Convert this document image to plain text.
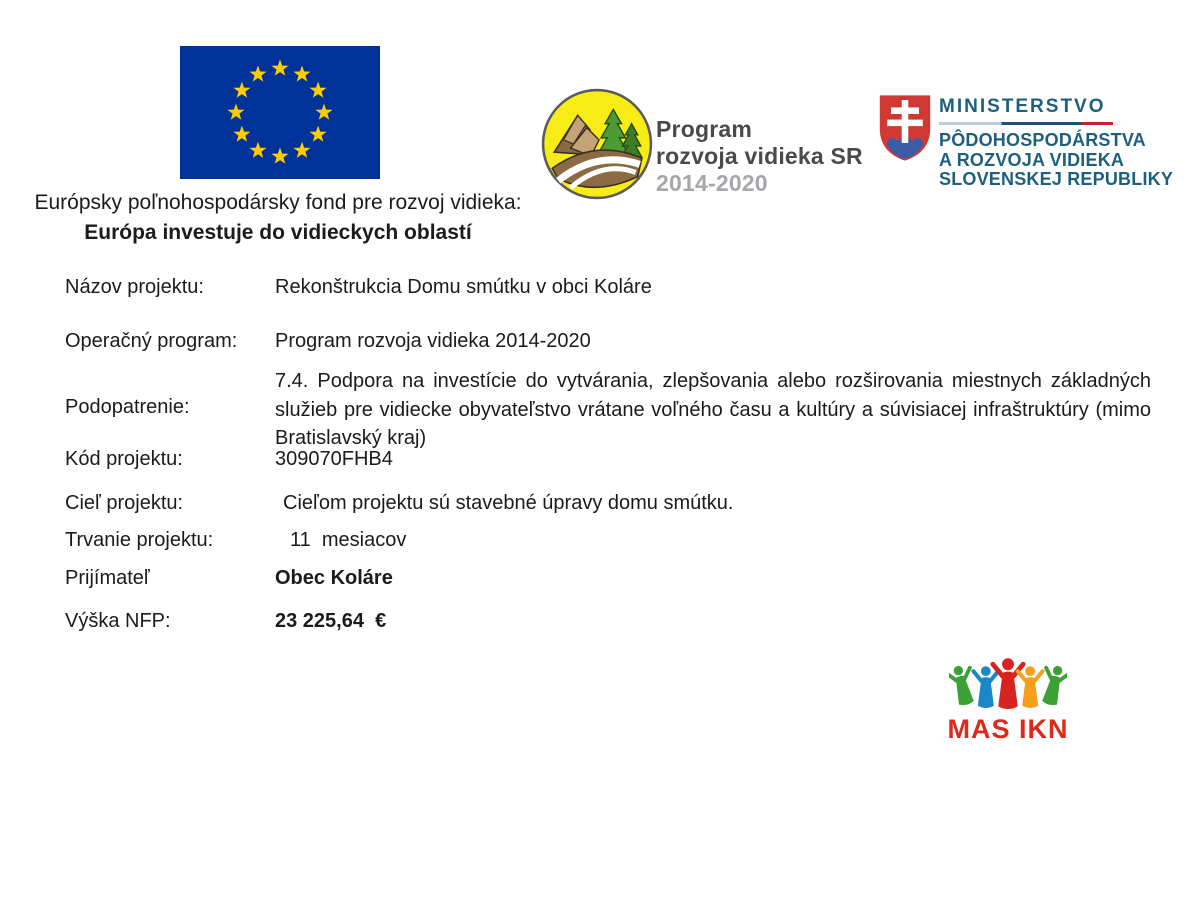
Európsky poľnohospodársky fond pre rozvoj vidieka:
Európa investuje do vidieckych oblastí
Program
rozvoja vidieka SR
2014-2020
MINISTERSTVO
PÔDOHOSPODÁRSTVA
A ROZVOJA VIDIEKA
SLOVENSKEJ REPUBLIKY
Názov projektu:	Rekonštrukcia Domu smútku v obci Koláre
Operačný program: Program rozvoja vidieka 2014-2020
Podopatrenie:
7.4. Podpora na investície do vytvárania, zlepšovania alebo rozširovania miestnych základných služieb pre vidiecke obyvateľstvo vrátane voľného času a kultúry a súvisiacej infraštruktúry (mimo Bratislavský kraj)
Kód projektu:	309070FHB4
Cieľ projektu:	Cieľom projektu sú stavebné úpravy domu smútku.
Trvanie projektu:	11  mesiacov
Prijímateľ	Obec Koláre
Výška NFP:	23 225,64  €
MAS IKN
